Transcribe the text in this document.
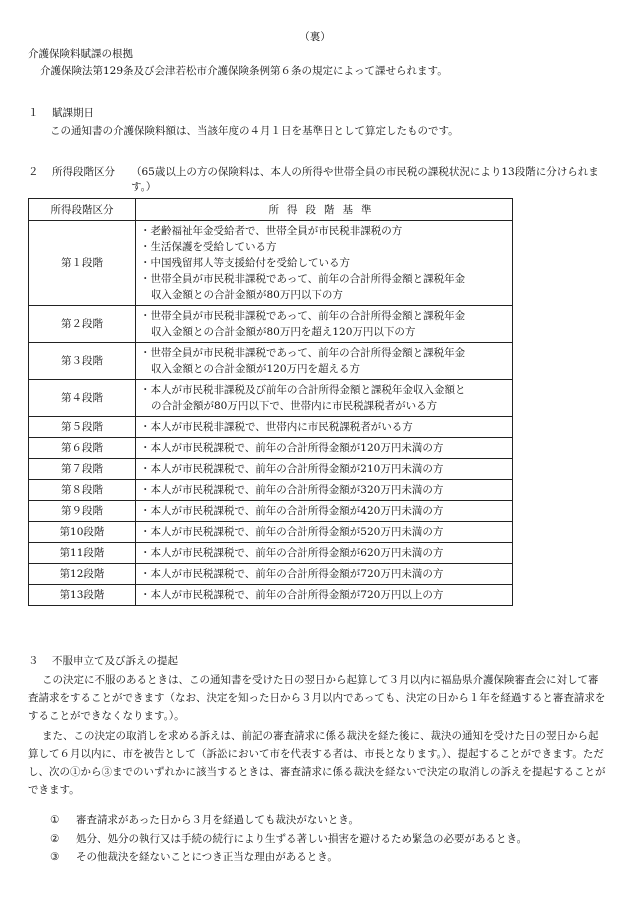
（裏）
介護保険料賦課の根拠
介護保険法第129条及び会津若松市介護保険条例第６条の規定によって課せられます。
１ 賦課期日
この通知書の介護保険料額は、当該年度の４月１日を基準日として算定したものです。
２ 所得段階区分 （65歳以上の方の保険料は、本人の所得や世帯全員の市民税の課税状況により13段階に分けられます。）
所得段階区分	所得段階基準
第１段階	・老齢福祉年金受給者で、世帯全員が市民税非課税の方
・生活保護を受給している方
・中国残留邦人等支援給付を受給している方
・世帯全員が市民税非課税であって、前年の合計所得金額と課税年金
収入金額との合計金額が80万円以下の方

第２段階	・世帯全員が市民税非課税であって、前年の合計所得金額と課税年金
収入金額との合計金額が80万円を超え120万円以下の方

第３段階	・世帯全員が市民税非課税であって、前年の合計所得金額と課税年金
収入金額との合計金額が120万円を超える方

第４段階	・本人が市民税非課税及び前年の合計所得金額と課税年金収入金額と
の合計金額が80万円以下で、世帯内に市民税課税者がいる方

第５段階	・本人が市民税非課税で、世帯内に市民税課税者がいる方

第６段階	・本人が市民税課税で、前年の合計所得金額が120万円未満の方

第７段階	・本人が市民税課税で、前年の合計所得金額が210万円未満の方

第８段階	・本人が市民税課税で、前年の合計所得金額が320万円未満の方

第９段階	・本人が市民税課税で、前年の合計所得金額が420万円未満の方

第10段階	・本人が市民税課税で、前年の合計所得金額が520万円未満の方

第11段階	・本人が市民税課税で、前年の合計所得金額が620万円未満の方

第12段階	・本人が市民税課税で、前年の合計所得金額が720万円未満の方

第13段階	・本人が市民税課税で、前年の合計所得金額が720万円以上の方
３ 不服申立て及び訴えの提起
この決定に不服のあるときは、この通知書を受けた日の翌日から起算して３月以内に福島県介護保険審査会に対して審査請求をすることができます（なお、決定を知った日から３月以内であっても、決定の日から１年を経過すると審査請求をすることができなくなります。）。
また、この決定の取消しを求める訴えは、前記の審査請求に係る裁決を経た後に、裁決の通知を受けた日の翌日から起算して６月以内に、市を被告として（訴訟において市を代表する者は、市長となります。）、提起することができます。ただし、次の①から③までのいずれかに該当するときは、審査請求に係る裁決を経ないで決定の取消しの訴えを提起することができます。
① 審査請求があった日から３月を経過しても裁決がないとき。
② 処分、処分の執行又は手続の続行により生ずる著しい損害を避けるため緊急の必要があるとき。
③ その他裁決を経ないことにつき正当な理由があるとき。
